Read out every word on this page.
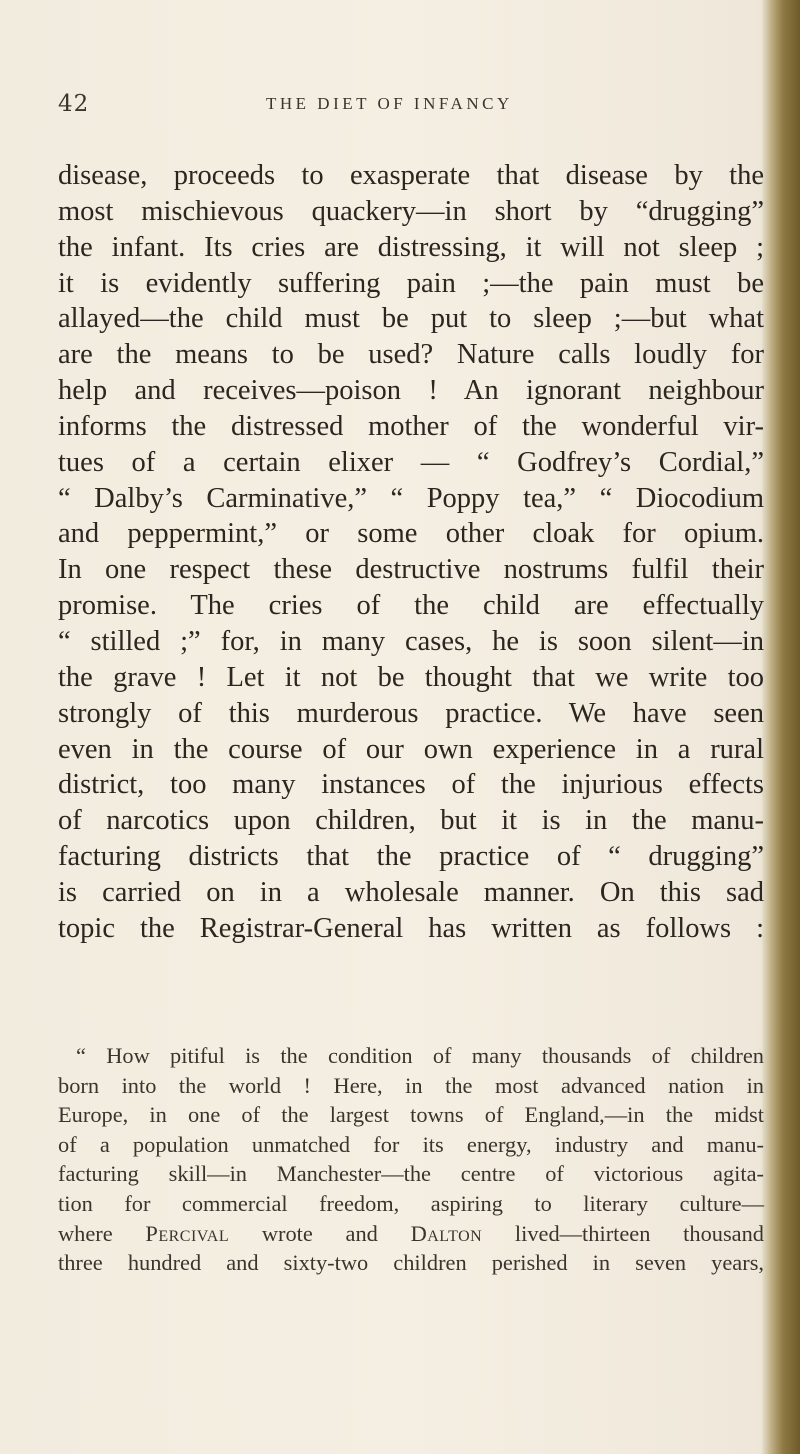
42	THE DIET OF INFANCY
disease, proceeds to exasperate that disease by the
most mischievous quackery—in short by “drugging”
the infant. Its cries are distressing, it will not sleep ;
it is evidently suffering pain ;—the pain must be
allayed—the child must be put to sleep ;—but what
are the means to be used? Nature calls loudly for
help and receives—poison ! An ignorant neighbour
informs the distressed mother of the wonderful vir-
tues of a certain elixer — “ Godfrey’s Cordial,”
“ Dalby’s Carminative,” “ Poppy tea,” “ Diocodium
and peppermint,” or some other cloak for opium.
In one respect these destructive nostrums fulfil their
promise. The cries of the child are effectually
“ stilled ;” for, in many cases, he is soon silent—in
the grave ! Let it not be thought that we write too
strongly of this murderous practice. We have seen
even in the course of our own experience in a rural
district, too many instances of the injurious effects
of narcotics upon children, but it is in the manu-
facturing districts that the practice of “ drugging”
is carried on in a wholesale manner. On this sad
topic the Registrar-General has written as follows :
“ How pitiful is the condition of many thousands of children
born into the world ! Here, in the most advanced nation in
Europe, in one of the largest towns of England,—in the midst
of a population unmatched for its energy, industry and manu-
facturing skill—in Manchester—the centre of victorious agita-
tion for commercial freedom, aspiring to literary culture—
where Percival wrote and Dalton lived—thirteen thousand
three hundred and sixty-two children perished in seven years,
